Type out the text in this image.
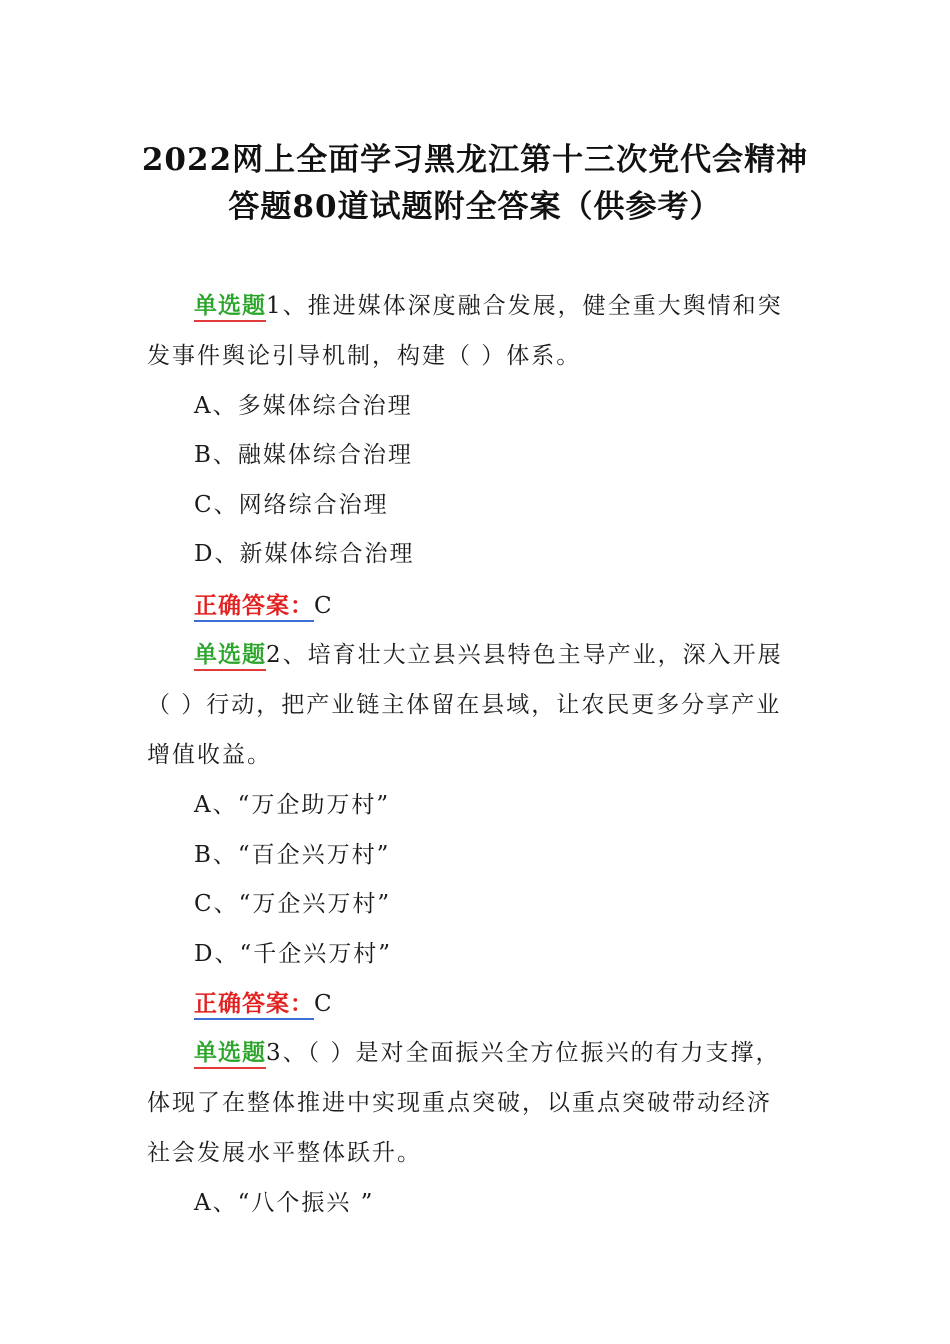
2022网上全面学习黑龙江第十三次党代会精神
答题80道试题附全答案（供参考）
单选题1、推进媒体深度融合发展，健全重大舆情和突
发事件舆论引导机制，构建（ ）体系。
A、多媒体综合治理
B、融媒体综合治理
C、网络综合治理
D、新媒体综合治理
正确答案：C
单选题2、培育壮大立县兴县特色主导产业，深入开展
（ ）行动，把产业链主体留在县域，让农民更多分享产业
增值收益。
A、“万企助万村”
B、“百企兴万村”
C、“万企兴万村”
D、“千企兴万村”
正确答案：C
单选题3、（ ）是对全面振兴全方位振兴的有力支撑，
体现了在整体推进中实现重点突破，以重点突破带动经济
社会发展水平整体跃升。
A、“八个振兴 ”
